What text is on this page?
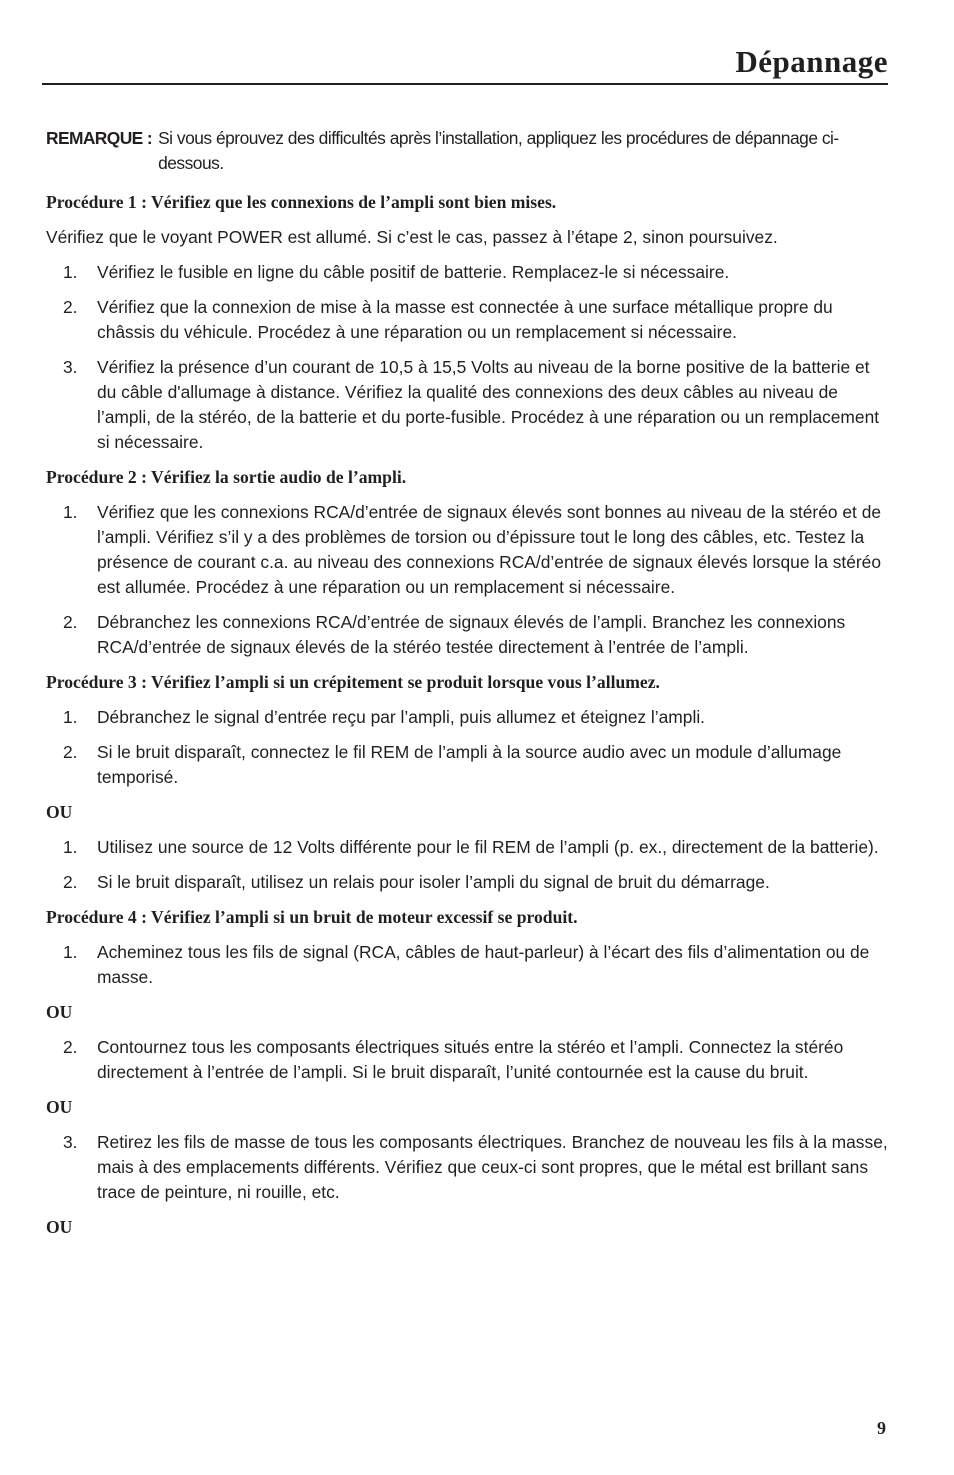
Dépannage
REMARQUE : Si vous éprouvez des difficultés après l’installation, appliquez les procédures de dépannage ci-dessous.
Procédure 1 : Vérifiez que les connexions de l’ampli sont bien mises.
Vérifiez que le voyant POWER est allumé. Si c’est le cas, passez à l’étape 2, sinon poursuivez.
1.	Vérifiez le fusible en ligne du câble positif de batterie. Remplacez-le si nécessaire.
2.	Vérifiez que la connexion de mise à la masse est connectée à une surface métallique propre du châssis du véhicule. Procédez à une réparation ou un remplacement si nécessaire.
3.	Vérifiez la présence d’un courant de 10,5 à 15,5 Volts au niveau de la borne positive de la batterie et du câble d'allumage à distance. Vérifiez la qualité des connexions des deux câbles au niveau de l’ampli, de la stéréo, de la batterie et du porte-fusible. Procédez à une réparation ou un remplacement si nécessaire.
Procédure 2 : Vérifiez la sortie audio de l’ampli.
1.	Vérifiez que les connexions RCA/d’entrée de signaux élevés sont bonnes au niveau de la stéréo et de l’ampli. Vérifiez s’il y a des problèmes de torsion ou d’épissure tout le long des câbles, etc. Testez la présence de courant c.a. au niveau des connexions RCA/d’entrée de signaux élevés lorsque la stéréo est allumée. Procédez à une réparation ou un remplacement si nécessaire.
2.	Débranchez les connexions RCA/d’entrée de signaux élevés de l’ampli. Branchez les connexions RCA/d’entrée de signaux élevés de la stéréo testée directement à l’entrée de l’ampli.
Procédure 3 : Vérifiez l’ampli si un crépitement se produit lorsque vous l’allumez.
1.	Débranchez le signal d’entrée reçu par l’ampli, puis allumez et éteignez l’ampli.
2.	Si le bruit disparaît, connectez le fil REM de l’ampli à la source audio avec un module d’allumage temporisé.
OU
1.	Utilisez une source de 12 Volts différente pour le fil REM de l’ampli (p. ex., directement de la batterie).
2.	Si le bruit disparaît, utilisez un relais pour isoler l’ampli du signal de bruit du démarrage.
Procédure 4 : Vérifiez l’ampli si un bruit de moteur excessif se produit.
1.	Acheminez tous les fils de signal (RCA, câbles de haut-parleur) à l’écart des fils d’alimentation ou de masse.
OU
2.	Contournez tous les composants électriques situés entre la stéréo et l’ampli. Connectez la stéréo directement à l’entrée de l’ampli. Si le bruit disparaît, l’unité contournée est la cause du bruit.
OU
3.	Retirez les fils de masse de tous les composants électriques. Branchez de nouveau les fils à la masse, mais à des emplacements différents. Vérifiez que ceux-ci sont propres, que le métal est brillant sans trace de peinture, ni rouille, etc.
OU
9
